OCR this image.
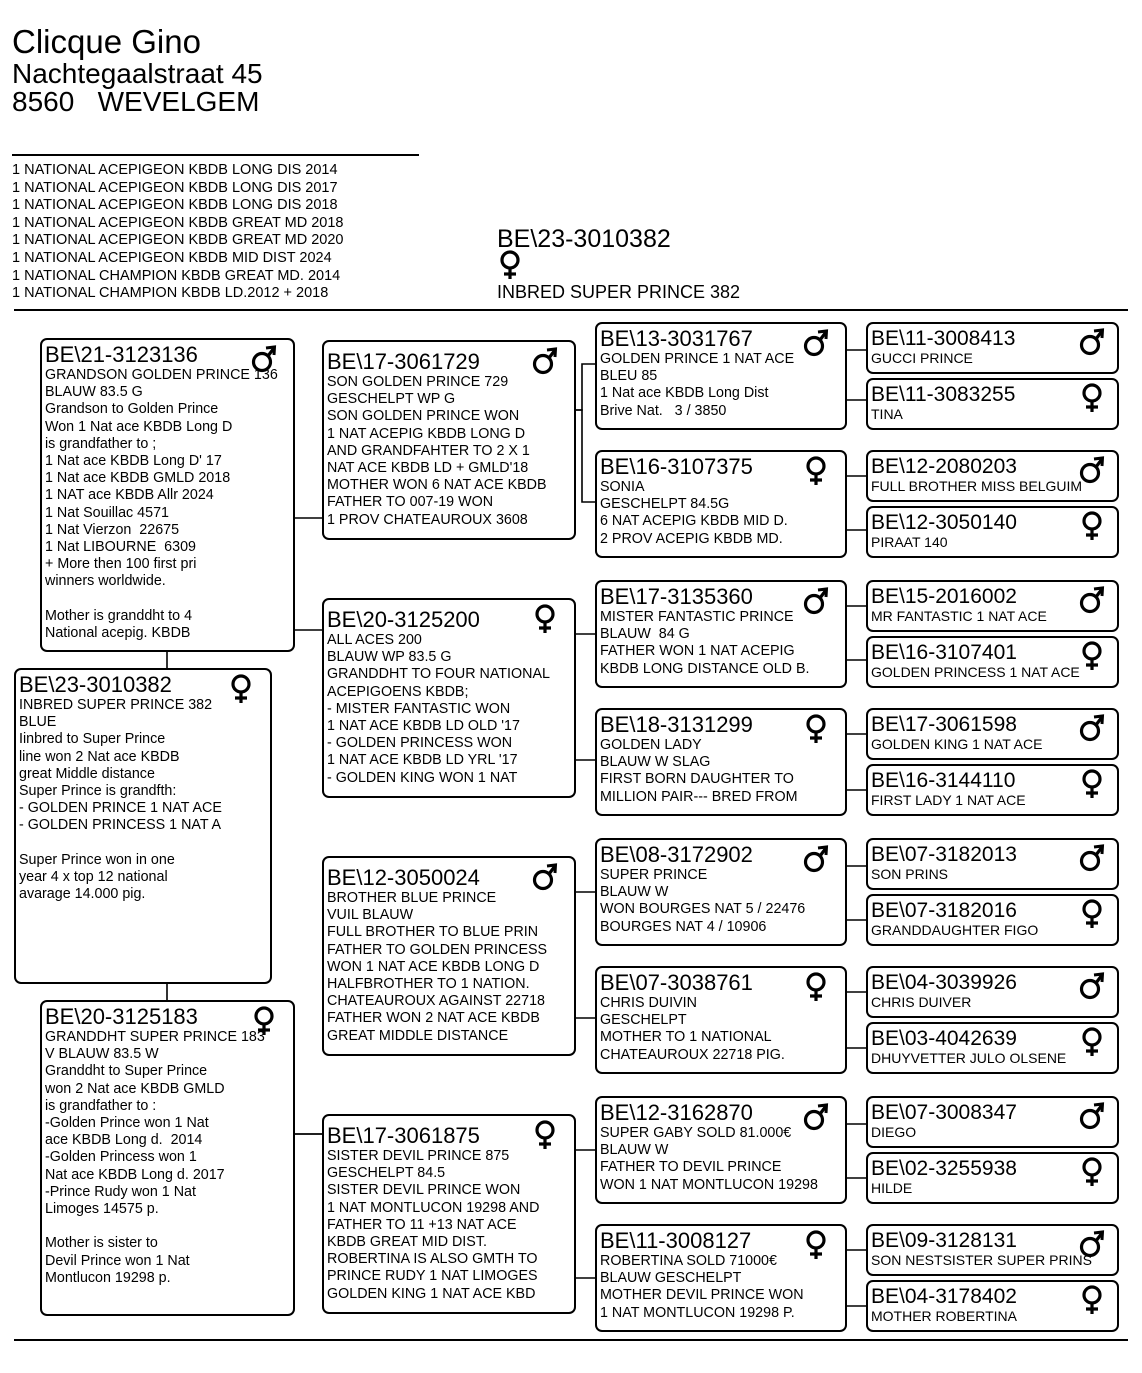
Clicque Gino
Nachtegaalstraat 45
8560   WEVELGEM
1 NATIONAL ACEPIGEON KBDB LONG DIS 2014
1 NATIONAL ACEPIGEON KBDB LONG DIS 2017
1 NATIONAL ACEPIGEON KBDB LONG DIS 2018
1 NATIONAL ACEPIGEON KBDB GREAT MD 2018
1 NATIONAL ACEPIGEON KBDB GREAT MD 2020
1 NATIONAL ACEPIGEON KBDB MID DIST 2024
1 NATIONAL CHAMPION KBDB GREAT MD. 2014
1 NATIONAL CHAMPION KBDB LD.2012 + 2018
BE\23-3010382
INBRED SUPER PRINCE 382
BE\23-3010382
INBRED SUPER PRINCE 382
BLUE
Iinbred to Super Prince
line won 2 Nat ace KBDB
great Middle distance
Super Prince is grandfth:
- GOLDEN PRINCE 1 NAT ACE
- GOLDEN PRINCESS 1 NAT A

Super Prince won in one
year 4 x top 12 national
avarage 14.000 pig.
BE\21-3123136
GRANDSON GOLDEN PRINCE 136
BLAUW 83.5 G
Grandson to Golden Prince
Won 1 Nat ace KBDB Long D
is grandfather to ;
1 Nat ace KBDB Long D' 17
1 Nat ace KBDB GMLD 2018
1 NAT ace KBDB Allr 2024
1 Nat Souillac 4571
1 Nat Vierzon  22675
1 Nat LIBOURNE  6309
+ More then 100 first pri
winners worldwide.

Mother is granddht to 4
National acepig. KBDB
BE\20-3125183
GRANDDHT SUPER PRINCE 183
V BLAUW 83.5 W
Granddht to Super Prince
won 2 Nat ace KBDB GMLD
is grandfather to :
-Golden Prince won 1 Nat
ace KBDB Long d.  2014
-Golden Princess won 1
Nat ace KBDB Long d. 2017
-Prince Rudy won 1 Nat
Limoges 14575 p.

Mother is sister to
Devil Prince won 1 Nat
Montlucon 19298 p.
BE\17-3061729
SON GOLDEN PRINCE 729
GESCHELPT WP G
SON GOLDEN PRINCE WON
1 NAT ACEPIG KBDB LONG D
AND GRANDFAHTER TO 2 X 1
NAT ACE KBDB LD + GMLD'18
MOTHER WON 6 NAT ACE KBDB
FATHER TO 007-19 WON
1 PROV CHATEAUROUX 3608
BE\20-3125200
ALL ACES 200
BLAUW WP 83.5 G
GRANDDHT TO FOUR NATIONAL
ACEPIGOENS KBDB;
- MISTER FANTASTIC WON
1 NAT ACE KBDB LD OLD '17
- GOLDEN PRINCESS WON
1 NAT ACE KBDB LD YRL '17
- GOLDEN KING WON 1 NAT
BE\12-3050024
BROTHER BLUE PRINCE
VUIL BLAUW
FULL BROTHER TO BLUE PRIN
FATHER TO GOLDEN PRINCESS
WON 1 NAT ACE KBDB LONG D
HALFBROTHER TO 1 NATION.
CHATEAUROUX AGAINST 22718
FATHER WON 2 NAT ACE KBDB
GREAT MIDDLE DISTANCE
BE\17-3061875
SISTER DEVIL PRINCE 875
GESCHELPT 84.5
SISTER DEVIL PRINCE WON
1 NAT MONTLUCON 19298 AND
FATHER TO 11 +13 NAT ACE
KBDB GREAT MID DIST.
ROBERTINA IS ALSO GMTH TO
PRINCE RUDY 1 NAT LIMOGES
GOLDEN KING 1 NAT ACE KBD
BE\13-3031767
GOLDEN PRINCE 1 NAT ACE
BLEU 85
1 Nat ace KBDB Long Dist
Brive Nat.   3 / 3850
BE\16-3107375
SONIA
GESCHELPT 84.5G
6 NAT ACEPIG KBDB MID D.
2 PROV ACEPIG KBDB MD.
BE\17-3135360
MISTER FANTASTIC PRINCE
BLAUW  84 G
FATHER WON 1 NAT ACEPIG
KBDB LONG DISTANCE OLD B.
BE\18-3131299
GOLDEN LADY
BLAUW W SLAG
FIRST BORN DAUGHTER TO
MILLION PAIR--- BRED FROM
BE\08-3172902
SUPER PRINCE
BLAUW W
WON BOURGES NAT 5 / 22476
BOURGES NAT 4 / 10906
BE\07-3038761
CHRIS DUIVIN
GESCHELPT
MOTHER TO 1 NATIONAL
CHATEAUROUX 22718 PIG.
BE\12-3162870
SUPER GABY SOLD 81.000€
BLAUW W
FATHER TO DEVIL PRINCE
WON 1 NAT MONTLUCON 19298
BE\11-3008127
ROBERTINA SOLD 71000€
BLAUW GESCHELPT
MOTHER DEVIL PRINCE WON
1 NAT MONTLUCON 19298 P.
BE\11-3008413
GUCCI PRINCE
BE\11-3083255
TINA
BE\12-2080203
FULL BROTHER MISS BELGUIM
BE\12-3050140
PIRAAT 140
BE\15-2016002
MR FANTASTIC 1 NAT ACE
BE\16-3107401
GOLDEN PRINCESS 1 NAT ACE
BE\17-3061598
GOLDEN KING 1 NAT ACE
BE\16-3144110
FIRST LADY 1 NAT ACE
BE\07-3182013
SON PRINS
BE\07-3182016
GRANDDAUGHTER FIGO
BE\04-3039926
CHRIS DUIVER
BE\03-4042639
DHUYVETTER JULO OLSENE
BE\07-3008347
DIEGO
BE\02-3255938
HILDE
BE\09-3128131
SON NESTSISTER SUPER PRINS
BE\04-3178402
MOTHER ROBERTINA
